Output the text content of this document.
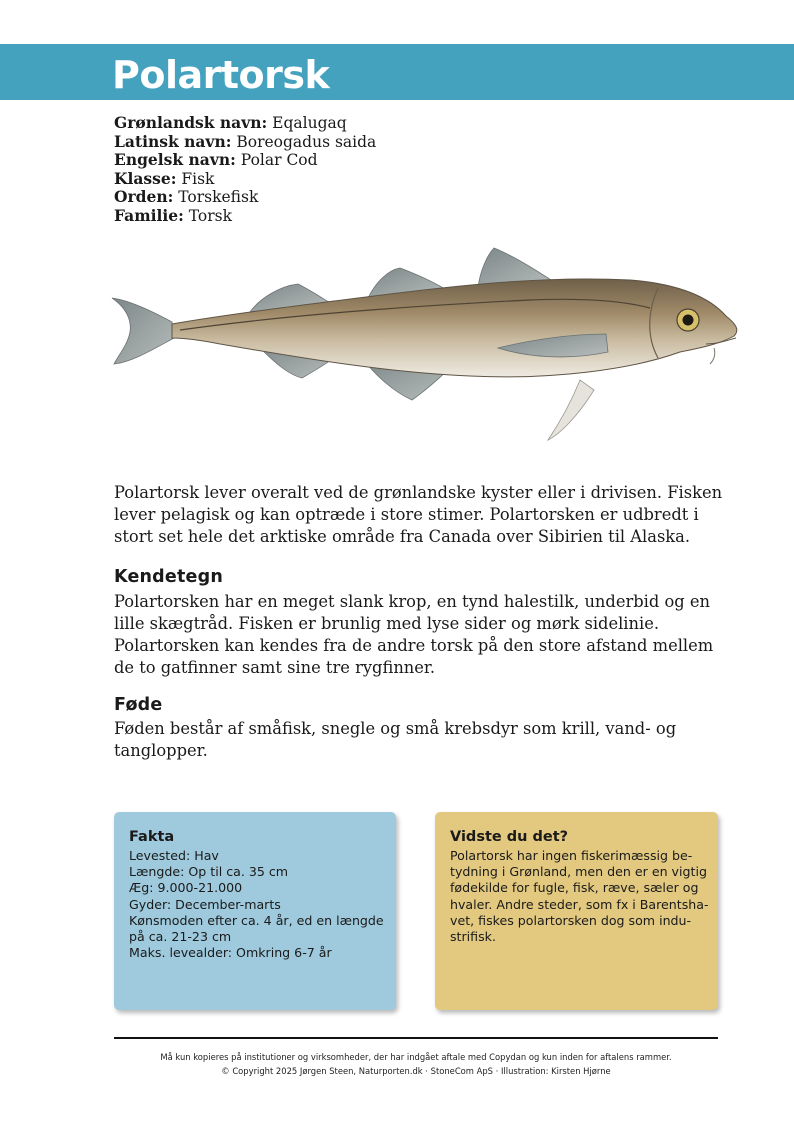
Polartorsk
Grønlandsk navn: Eqalugaq
Latinsk navn: Boreogadus saida
Engelsk navn: Polar Cod
Klasse: Fisk
Orden: Torskefisk
Familie: Torsk
Polartorsk lever overalt ved de grønlandske kyster eller i drivisen. Fisken lever pelagisk og kan optræde i store stimer. Polartorsken er udbredt i stort set hele det arktiske område fra Canada over Sibirien til Alaska.
Kendetegn
Polartorsken har en meget slank krop, en tynd halestilk, underbid og en lille skægtråd. Fisken er brunlig med lyse sider og mørk sidelinie. Polartorsken kan kendes fra de andre torsk på den store afstand mellem de to gatfinner samt sine tre rygfinner.
Føde
Føden består af småfisk, snegle og små krebsdyr som krill, vand- og tanglopper.
Fakta
Levested: Hav
Længde: Op til ca. 35 cm
Æg: 9.000-21.000
Gyder: December-marts
Kønsmoden efter ca. 4 år, ed en længde
på ca. 21-23 cm
Maks. levealder: Omkring 6-7 år
Vidste du det?
Polartorsk har ingen fiskerimæssig be-
tydning i Grønland, men den er en vigtig
fødekilde for fugle, fisk, ræve, sæler og
hvaler. Andre steder, som fx i Barentsha-
vet, fiskes polartorsken dog som indu-
strifisk.
Må kun kopieres på institutioner og virksomheder, der har indgået aftale med Copydan og kun inden for aftalens rammer.
© Copyright 2025 Jørgen Steen, Naturporten.dk · StoneCom ApS · Illustration: Kirsten Hjørne
